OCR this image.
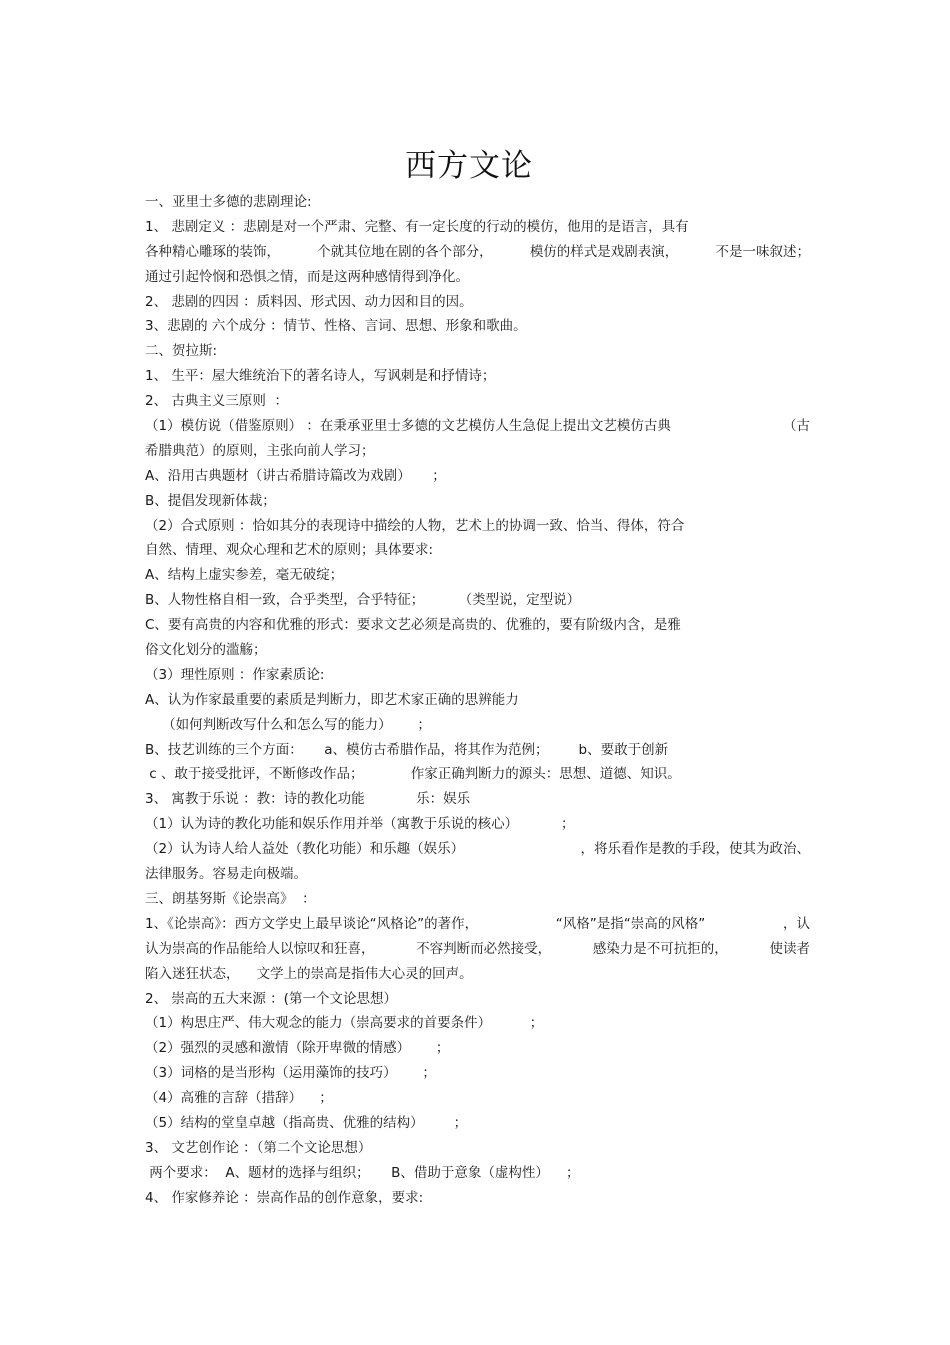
西方文论
一、亚里士多德的悲剧理论:
1、 悲剧定义 ：悲剧是对一个严肃、完整、有一定长度的行动的模仿，他用的是语言，具有
各种精心雕琢的装饰，	个就其位地在剧的各个部分，	模仿的样式是戏剧表演，	不是一味叙述；
通过引起怜悯和恐惧之情，而是这两种感情得到净化。
2、 悲剧的四因 ：质料因、形式因、动力因和目的因。
3、悲剧的 六个成分 ：情节、性格、言词、思想、形象和歌曲。
二、贺拉斯:
1、 生平：屋大维统治下的著名诗人，写讽刺是和抒情诗；
2、 古典主义三原则  ：
（1）模仿说（借鉴原则） ：在秉承亚里士多德的文艺模仿人生急促上提出文艺模仿古典	（古
希腊典范）的原则，主张向前人学习；
A、沿用古典题材（讲古希腊诗篇改为戏剧）     ；
B、提倡发现新体裁；
（2）合式原则 ：恰如其分的表现诗中描绘的人物，艺术上的协调一致、恰当、得体，符合
自然、情理、观众心理和艺术的原则；具体要求:
A、结构上虚实参差，毫无破绽；
B、人物性格自相一致，合乎类型，合乎特征；        （类型说，定型说）
C、要有高贵的内容和优雅的形式：要求文艺必须是高贵的、优雅的，要有阶级内含，是雅
俗文化划分的滥觞；
（3）理性原则 ：作家素质论:
A、认为作家最重要的素质是判断力，即艺术家正确的思辨能力
（如何判断改写什么和怎么写的能力）      ；
B、技艺训练的三个方面：     a、模仿古希腊作品，将其作为范例；       b、要敢于创新
c 、敢于接受批评，不断修改作品；           作家正确判断力的源头：思想、道德、知识。
3、 寓教于乐说 ：教：诗的教化功能            乐：娱乐
（1）认为诗的教化功能和娱乐作用并举（寓教于乐说的核心）          ；
（2）认为诗人给人益处（教化功能）和乐趣（娱乐）	，将乐看作是教的手段，使其为政治、
法律服务。容易走向极端。
三、朗基努斯《论崇高》  ：
1、《论崇高》：西方文学史上最早谈论“风格论”的著作，	“风格”是指“崇高的风格”	，认
认为崇高的作品能给人以惊叹和狂喜，	不容判断而必然接受，	感染力是不可抗拒的，	使读者
陷入迷狂状态，    文学上的崇高是指伟大心灵的回声。
2、 崇高的五大来源 ：(第一个文论思想）
（1）构思庄严、伟大观念的能力（崇高要求的首要条件）         ；
（2）强烈的灵感和激情（除开卑微的情感）      ；
（3）词格的是当形构（运用藻饰的技巧）      ；
（4）高雅的言辞（措辞）    ；
（5）结构的堂皇卓越（指高贵、优雅的结构）       ；
3、 文艺创作论 ：（第二个文论思想）
两个要求：  A、题材的选择与组织；     B、借助于意象（虚构性）    ；
4、 作家修养论 ：崇高作品的创作意象，要求:
